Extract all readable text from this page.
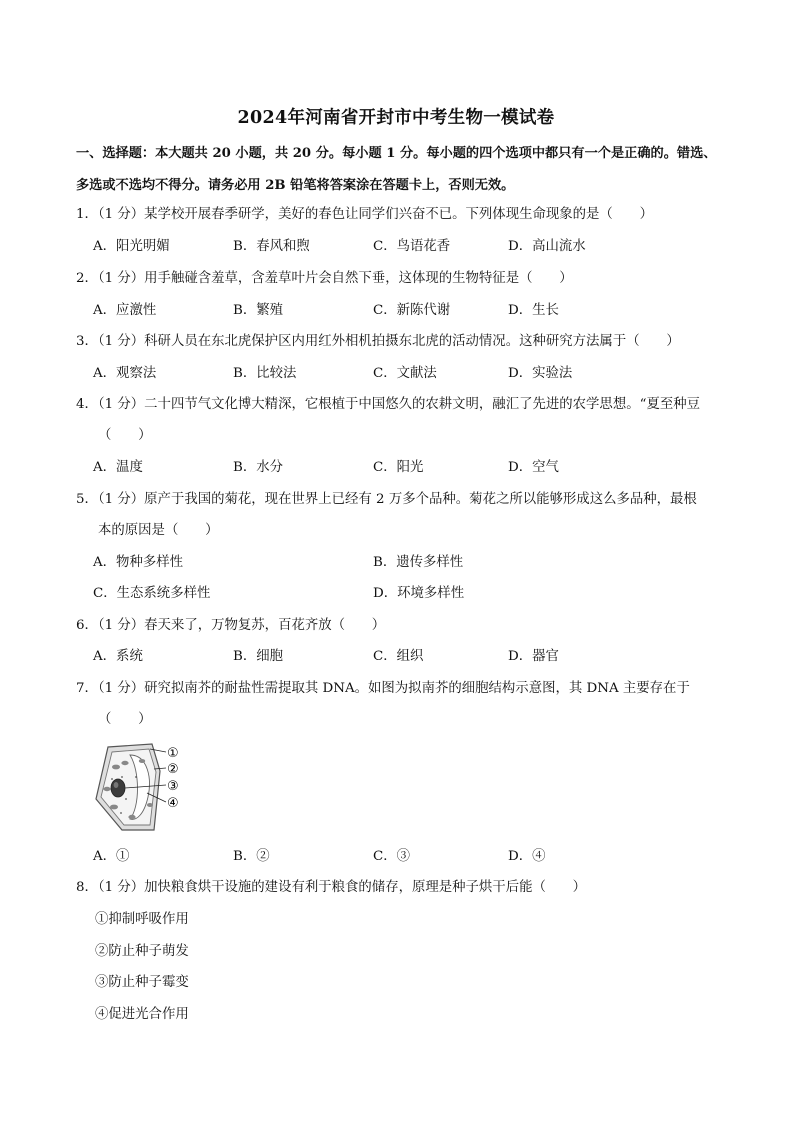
2024年河南省开封市中考生物一模试卷
一、选择题：本大题共 20 小题，共 20 分。每小题 1 分。每小题的四个选项中都只有一个是正确的。错选、
多选或不选均不得分。请务必用 2B 铅笔将答案涂在答题卡上，否则无效。
1．（1 分）某学校开展春季研学，美好的春色让同学们兴奋不已。下列体现生命现象的是（　　）
A．阳光明媚	B．春风和煦	C．鸟语花香	D．高山流水
2．（1 分）用手触碰含羞草，含羞草叶片会自然下垂，这体现的生物特征是（　　）
A．应激性	B．繁殖	C．新陈代谢	D．生长
3．（1 分）科研人员在东北虎保护区内用红外相机拍摄东北虎的活动情况。这种研究方法属于（　　）
A．观察法	B．比较法	C．文献法	D．实验法
4．（1 分）二十四节气文化博大精深，它根植于中国悠久的农耕文明，融汇了先进的农学思想。“夏至种豆
（　　）
A．温度	B．水分	C．阳光	D．空气
5．（1 分）原产于我国的菊花，现在世界上已经有 2 万多个品种。菊花之所以能够形成这么多品种，最根
本的原因是（　　）
A．物种多样性	B．遗传多样性
C．生态系统多样性	D．环境多样性
6．（1 分）春天来了，万物复苏，百花齐放（　　）
A．系统	B．细胞	C．组织	D．器官
7．（1 分）研究拟南芥的耐盐性需提取其 DNA。如图为拟南芥的细胞结构示意图，其 DNA 主要存在于
（　　）
①
②
③
④
A．①	B．②	C．③	D．④
8．（1 分）加快粮食烘干设施的建设有利于粮食的储存，原理是种子烘干后能（　　）
①抑制呼吸作用
②防止种子萌发
③防止种子霉变
④促进光合作用
